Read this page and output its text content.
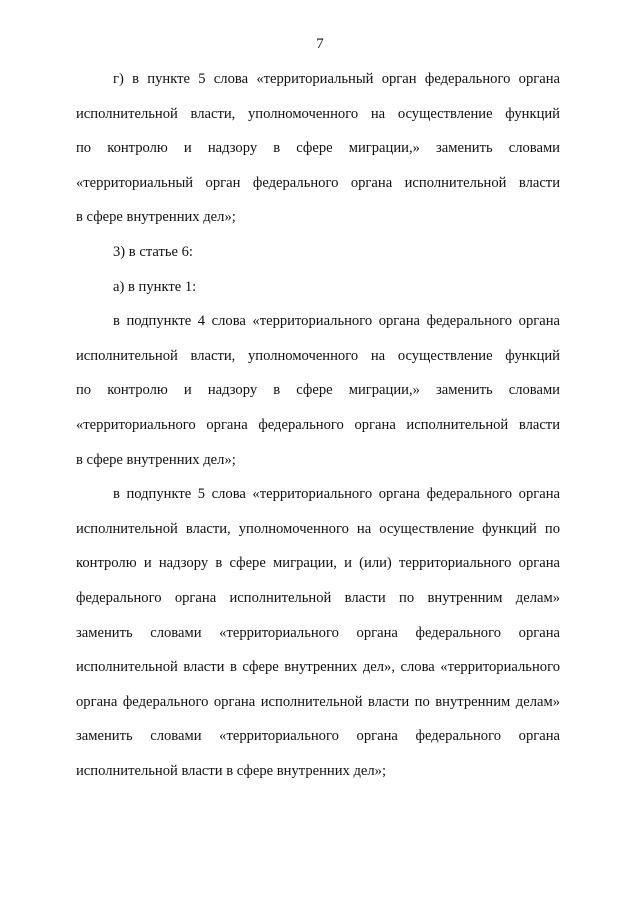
7
г) в пункте 5 слова «территориальный орган федерального органа
исполнительной власти, уполномоченного на осуществление функций
по контролю и надзору в сфере миграции,» заменить словами
«территориальный орган федерального органа исполнительной власти
в сфере внутренних дел»;
3) в статье 6:
а) в пункте 1:
в подпункте 4 слова «территориального органа федерального органа
исполнительной власти, уполномоченного на осуществление функций
по контролю и надзору в сфере миграции,» заменить словами
«территориального органа федерального органа исполнительной власти
в сфере внутренних дел»;
в подпункте 5 слова «территориального органа федерального органа
исполнительной власти, уполномоченного на осуществление функций по
контролю и надзору в сфере миграции, и (или) территориального органа
федерального органа исполнительной власти по внутренним делам»
заменить словами «территориального органа федерального органа
исполнительной власти в сфере внутренних дел», слова «территориального
органа федерального органа исполнительной власти по внутренним делам»
заменить словами «территориального органа федерального органа
исполнительной власти в сфере внутренних дел»;
